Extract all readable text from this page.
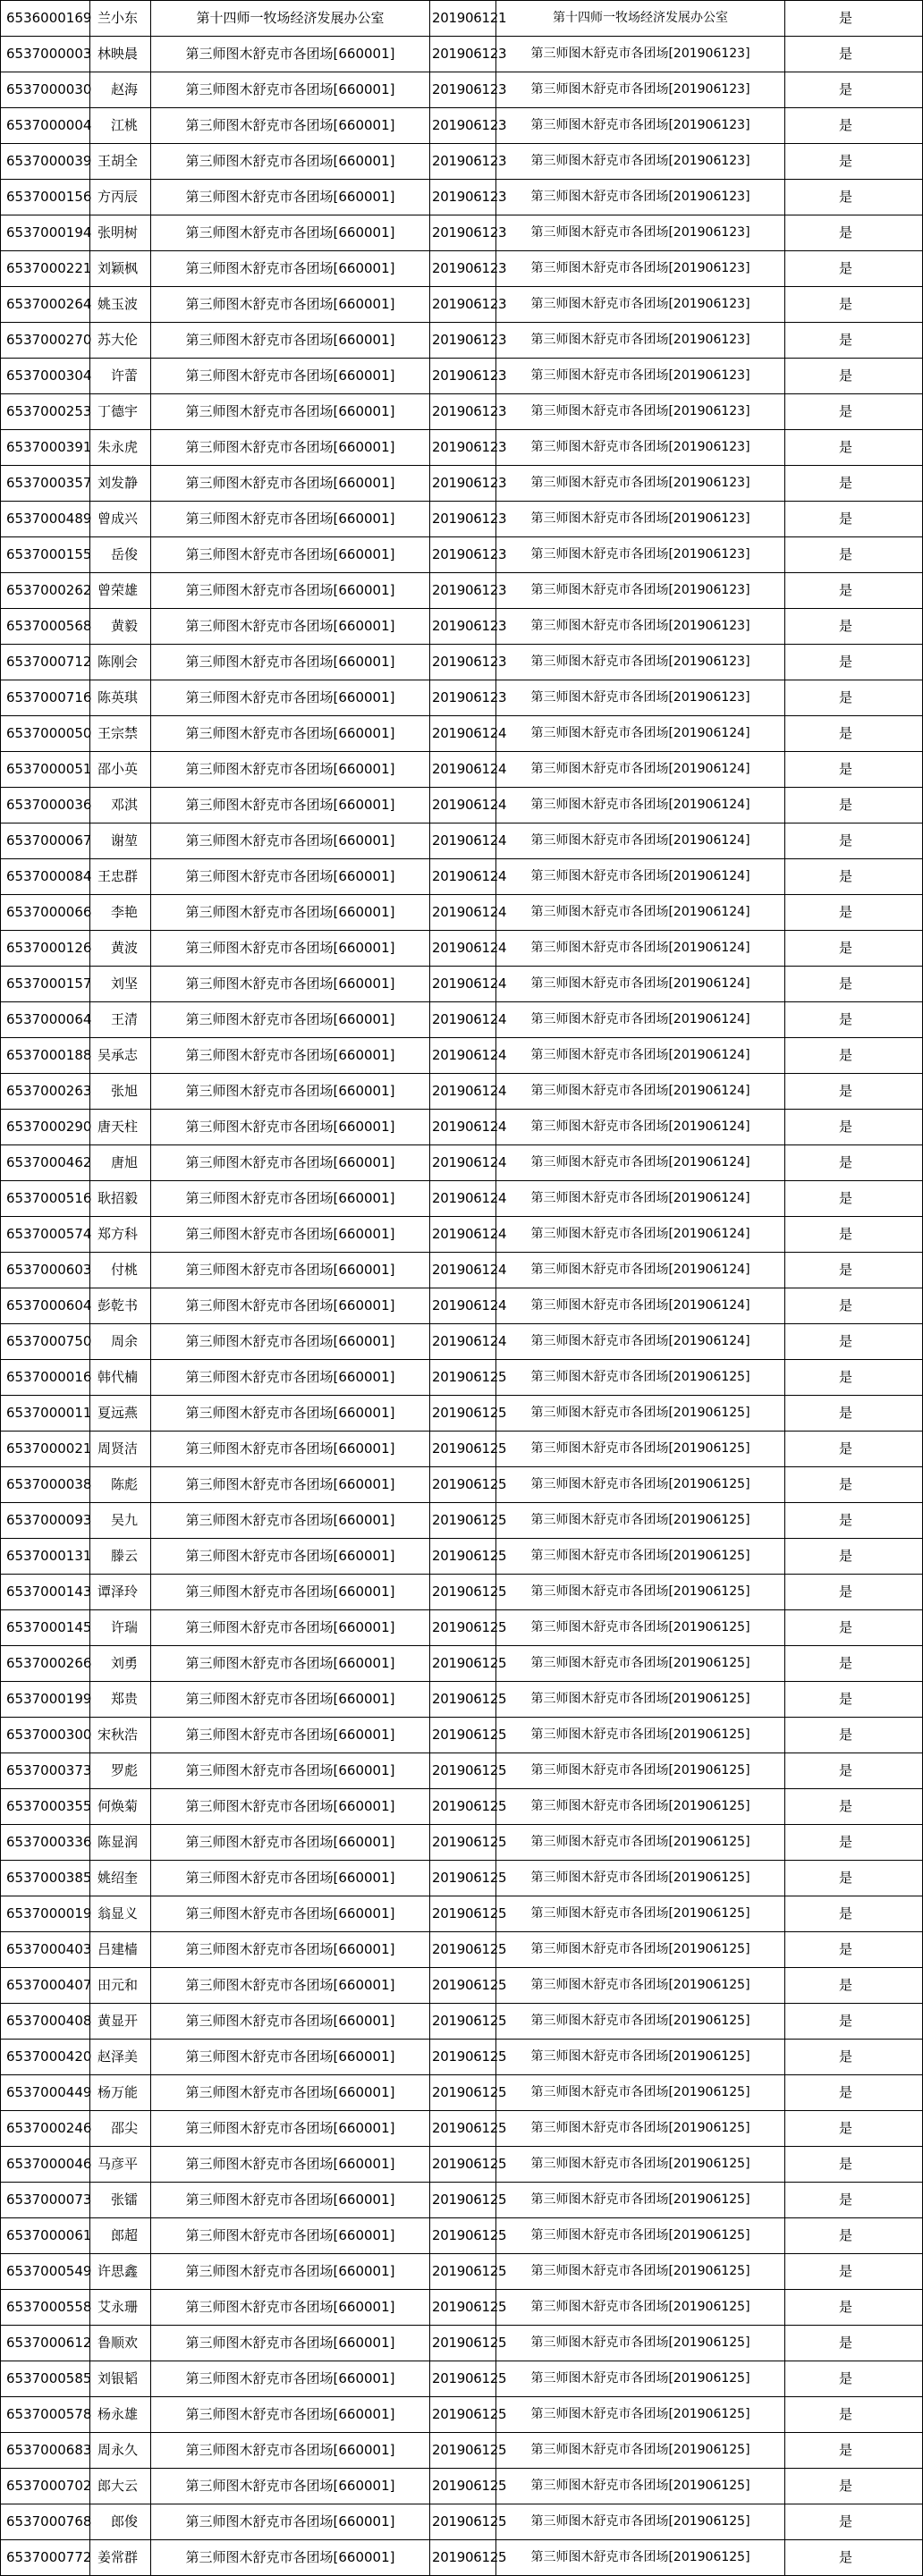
6536000169	兰小东	第十四师一牧场经济发展办公室	201906121	第十四师一牧场经济发展办公室	是
6537000003	林映晨	第三师图木舒克市各团场[660001]	201906123	第三师图木舒克市各团场[201906123]	是
6537000030	赵海	第三师图木舒克市各团场[660001]	201906123	第三师图木舒克市各团场[201906123]	是
6537000004	江桃	第三师图木舒克市各团场[660001]	201906123	第三师图木舒克市各团场[201906123]	是
6537000039	王胡全	第三师图木舒克市各团场[660001]	201906123	第三师图木舒克市各团场[201906123]	是
6537000156	方丙辰	第三师图木舒克市各团场[660001]	201906123	第三师图木舒克市各团场[201906123]	是
6537000194	张明树	第三师图木舒克市各团场[660001]	201906123	第三师图木舒克市各团场[201906123]	是
6537000221	刘颖枫	第三师图木舒克市各团场[660001]	201906123	第三师图木舒克市各团场[201906123]	是
6537000264	姚玉波	第三师图木舒克市各团场[660001]	201906123	第三师图木舒克市各团场[201906123]	是
6537000270	苏大伦	第三师图木舒克市各团场[660001]	201906123	第三师图木舒克市各团场[201906123]	是
6537000304	许蕾	第三师图木舒克市各团场[660001]	201906123	第三师图木舒克市各团场[201906123]	是
6537000253	丁德宇	第三师图木舒克市各团场[660001]	201906123	第三师图木舒克市各团场[201906123]	是
6537000391	朱永虎	第三师图木舒克市各团场[660001]	201906123	第三师图木舒克市各团场[201906123]	是
6537000357	刘发静	第三师图木舒克市各团场[660001]	201906123	第三师图木舒克市各团场[201906123]	是
6537000489	曾成兴	第三师图木舒克市各团场[660001]	201906123	第三师图木舒克市各团场[201906123]	是
6537000155	岳俊	第三师图木舒克市各团场[660001]	201906123	第三师图木舒克市各团场[201906123]	是
6537000262	曾荣雄	第三师图木舒克市各团场[660001]	201906123	第三师图木舒克市各团场[201906123]	是
6537000568	黄毅	第三师图木舒克市各团场[660001]	201906123	第三师图木舒克市各团场[201906123]	是
6537000712	陈刚会	第三师图木舒克市各团场[660001]	201906123	第三师图木舒克市各团场[201906123]	是
6537000716	陈英琪	第三师图木舒克市各团场[660001]	201906123	第三师图木舒克市各团场[201906123]	是
6537000050	王宗禁	第三师图木舒克市各团场[660001]	201906124	第三师图木舒克市各团场[201906124]	是
6537000051	邵小英	第三师图木舒克市各团场[660001]	201906124	第三师图木舒克市各团场[201906124]	是
6537000036	邓淇	第三师图木舒克市各团场[660001]	201906124	第三师图木舒克市各团场[201906124]	是
6537000067	谢堃	第三师图木舒克市各团场[660001]	201906124	第三师图木舒克市各团场[201906124]	是
6537000084	王忠群	第三师图木舒克市各团场[660001]	201906124	第三师图木舒克市各团场[201906124]	是
6537000066	李艳	第三师图木舒克市各团场[660001]	201906124	第三师图木舒克市各团场[201906124]	是
6537000126	黄波	第三师图木舒克市各团场[660001]	201906124	第三师图木舒克市各团场[201906124]	是
6537000157	刘坚	第三师图木舒克市各团场[660001]	201906124	第三师图木舒克市各团场[201906124]	是
6537000064	王清	第三师图木舒克市各团场[660001]	201906124	第三师图木舒克市各团场[201906124]	是
6537000188	吴承志	第三师图木舒克市各团场[660001]	201906124	第三师图木舒克市各团场[201906124]	是
6537000263	张旭	第三师图木舒克市各团场[660001]	201906124	第三师图木舒克市各团场[201906124]	是
6537000290	唐天柱	第三师图木舒克市各团场[660001]	201906124	第三师图木舒克市各团场[201906124]	是
6537000462	唐旭	第三师图木舒克市各团场[660001]	201906124	第三师图木舒克市各团场[201906124]	是
6537000516	耿招毅	第三师图木舒克市各团场[660001]	201906124	第三师图木舒克市各团场[201906124]	是
6537000574	郑方科	第三师图木舒克市各团场[660001]	201906124	第三师图木舒克市各团场[201906124]	是
6537000603	付桃	第三师图木舒克市各团场[660001]	201906124	第三师图木舒克市各团场[201906124]	是
6537000604	彭乾书	第三师图木舒克市各团场[660001]	201906124	第三师图木舒克市各团场[201906124]	是
6537000750	周余	第三师图木舒克市各团场[660001]	201906124	第三师图木舒克市各团场[201906124]	是
6537000016	韩代楠	第三师图木舒克市各团场[660001]	201906125	第三师图木舒克市各团场[201906125]	是
6537000011	夏远燕	第三师图木舒克市各团场[660001]	201906125	第三师图木舒克市各团场[201906125]	是
6537000021	周贤洁	第三师图木舒克市各团场[660001]	201906125	第三师图木舒克市各团场[201906125]	是
6537000038	陈彪	第三师图木舒克市各团场[660001]	201906125	第三师图木舒克市各团场[201906125]	是
6537000093	吴九	第三师图木舒克市各团场[660001]	201906125	第三师图木舒克市各团场[201906125]	是
6537000131	滕云	第三师图木舒克市各团场[660001]	201906125	第三师图木舒克市各团场[201906125]	是
6537000143	谭泽玲	第三师图木舒克市各团场[660001]	201906125	第三师图木舒克市各团场[201906125]	是
6537000145	许瑞	第三师图木舒克市各团场[660001]	201906125	第三师图木舒克市各团场[201906125]	是
6537000266	刘勇	第三师图木舒克市各团场[660001]	201906125	第三师图木舒克市各团场[201906125]	是
6537000199	郑贵	第三师图木舒克市各团场[660001]	201906125	第三师图木舒克市各团场[201906125]	是
6537000300	宋秋浩	第三师图木舒克市各团场[660001]	201906125	第三师图木舒克市各团场[201906125]	是
6537000373	罗彪	第三师图木舒克市各团场[660001]	201906125	第三师图木舒克市各团场[201906125]	是
6537000355	何焕菊	第三师图木舒克市各团场[660001]	201906125	第三师图木舒克市各团场[201906125]	是
6537000336	陈显润	第三师图木舒克市各团场[660001]	201906125	第三师图木舒克市各团场[201906125]	是
6537000385	姚绍奎	第三师图木舒克市各团场[660001]	201906125	第三师图木舒克市各团场[201906125]	是
6537000019	翁显义	第三师图木舒克市各团场[660001]	201906125	第三师图木舒克市各团场[201906125]	是
6537000403	吕建樯	第三师图木舒克市各团场[660001]	201906125	第三师图木舒克市各团场[201906125]	是
6537000407	田元和	第三师图木舒克市各团场[660001]	201906125	第三师图木舒克市各团场[201906125]	是
6537000408	黄显开	第三师图木舒克市各团场[660001]	201906125	第三师图木舒克市各团场[201906125]	是
6537000420	赵泽美	第三师图木舒克市各团场[660001]	201906125	第三师图木舒克市各团场[201906125]	是
6537000449	杨万能	第三师图木舒克市各团场[660001]	201906125	第三师图木舒克市各团场[201906125]	是
6537000246	邵尖	第三师图木舒克市各团场[660001]	201906125	第三师图木舒克市各团场[201906125]	是
6537000046	马彦平	第三师图木舒克市各团场[660001]	201906125	第三师图木舒克市各团场[201906125]	是
6537000073	张镭	第三师图木舒克市各团场[660001]	201906125	第三师图木舒克市各团场[201906125]	是
6537000061	郎超	第三师图木舒克市各团场[660001]	201906125	第三师图木舒克市各团场[201906125]	是
6537000549	许思鑫	第三师图木舒克市各团场[660001]	201906125	第三师图木舒克市各团场[201906125]	是
6537000558	艾永珊	第三师图木舒克市各团场[660001]	201906125	第三师图木舒克市各团场[201906125]	是
6537000612	鲁顺欢	第三师图木舒克市各团场[660001]	201906125	第三师图木舒克市各团场[201906125]	是
6537000585	刘银韬	第三师图木舒克市各团场[660001]	201906125	第三师图木舒克市各团场[201906125]	是
6537000578	杨永雄	第三师图木舒克市各团场[660001]	201906125	第三师图木舒克市各团场[201906125]	是
6537000683	周永久	第三师图木舒克市各团场[660001]	201906125	第三师图木舒克市各团场[201906125]	是
6537000702	郎大云	第三师图木舒克市各团场[660001]	201906125	第三师图木舒克市各团场[201906125]	是
6537000768	郎俊	第三师图木舒克市各团场[660001]	201906125	第三师图木舒克市各团场[201906125]	是
6537000772	姜常群	第三师图木舒克市各团场[660001]	201906125	第三师图木舒克市各团场[201906125]	是
